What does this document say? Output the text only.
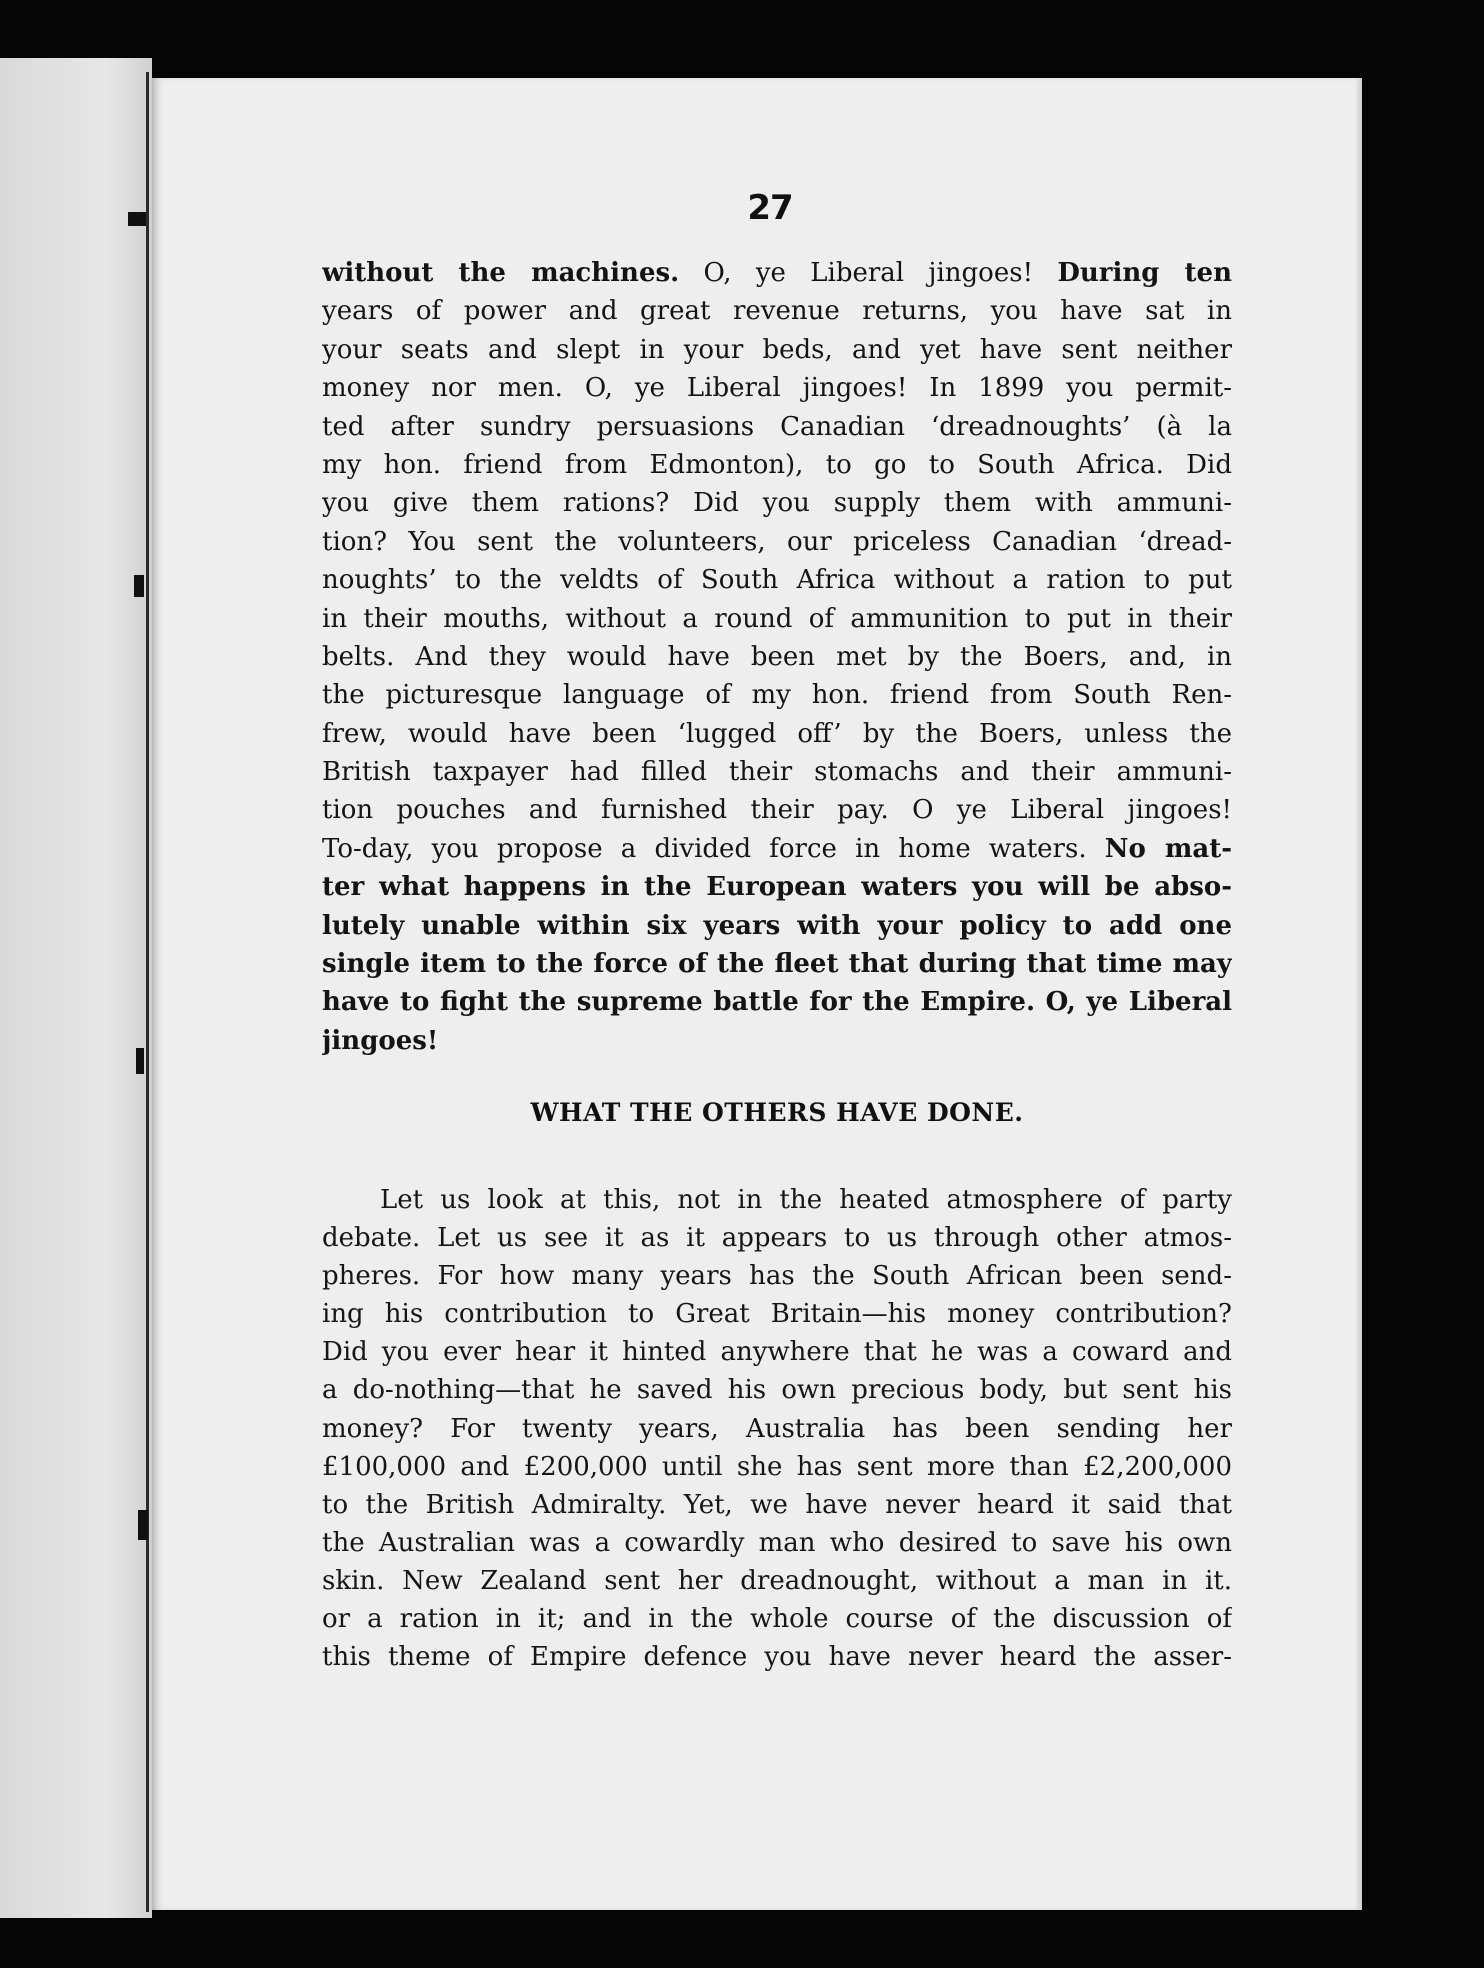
27
without the machines. O, ye Liberal jingoes! During ten
years of power and great revenue returns, you have sat in
your seats and slept in your beds, and yet have sent neither
money nor men. O, ye Liberal jingoes! In 1899 you permit-
ted after sundry persuasions Canadian ‘dreadnoughts’ (à la
my hon. friend from Edmonton), to go to South Africa. Did
you give them rations? Did you supply them with ammuni-
tion? You sent the volunteers, our priceless Canadian ‘dread-
noughts’ to the veldts of South Africa without a ration to put
in their mouths, without a round of ammunition to put in their
belts. And they would have been met by the Boers, and, in
the picturesque language of my hon. friend from South Ren-
frew, would have been ‘lugged off’ by the Boers, unless the
British taxpayer had filled their stomachs and their ammuni-
tion pouches and furnished their pay. O ye Liberal jingoes!
To-day, you propose a divided force in home waters. No mat-
ter what happens in the European waters you will be abso-
lutely unable within six years with your policy to add one
single item to the force of the fleet that during that time may
have to fight the supreme battle for the Empire. O, ye Liberal
jingoes!
WHAT THE OTHERS HAVE DONE.
Let us look at this, not in the heated atmosphere of party
debate. Let us see it as it appears to us through other atmos-
pheres. For how many years has the South African been send-
ing his contribution to Great Britain—his money contribution?
Did you ever hear it hinted anywhere that he was a coward and
a do-nothing—that he saved his own precious body, but sent his
money? For twenty years, Australia has been sending her
£100,000 and £200,000 until she has sent more than £2,200,000
to the British Admiralty. Yet, we have never heard it said that
the Australian was a cowardly man who desired to save his own
skin. New Zealand sent her dreadnought, without a man in it.
or a ration in it; and in the whole course of the discussion of
this theme of Empire defence you have never heard the asser-
